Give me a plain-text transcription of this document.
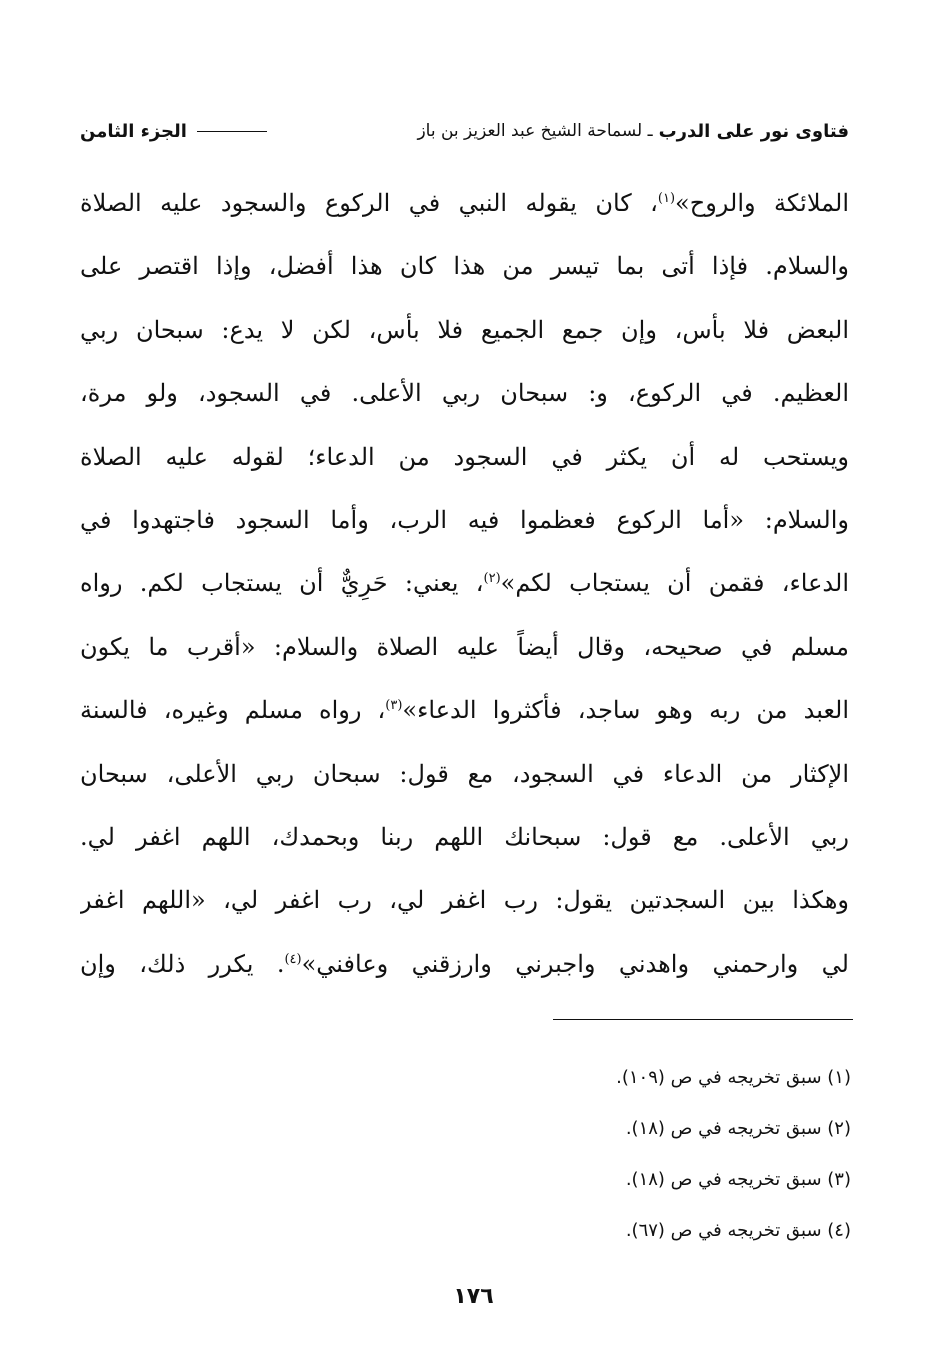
فتاوى نور على الدرب
ـ لسماحة الشيخ عبد العزيز بن باز
الجزء الثامن
الملائكة والروح»$^{(١)}$، كان يقوله النبي في الركوع والسجود عليه الصلاة
والسلام. فإذا أتى بما تيسر من هذا كان هذا أفضل، وإذا اقتصر على
البعض فلا بأس، وإن جمع الجميع فلا بأس، لكن لا يدع: سبحان ربي
العظيم. في الركوع، و: سبحان ربي الأعلى. في السجود، ولو مرة،
ويستحب له أن يكثر في السجود من الدعاء؛ لقوله عليه الصلاة
والسلام: «أما الركوع فعظموا فيه الرب، وأما السجود فاجتهدوا في
الدعاء، فقمن أن يستجاب لكم»$^{(٢)}$، يعني: حَرِيٌّ أن يستجاب لكم. رواه
مسلم في صحيحه، وقال أيضاً عليه الصلاة والسلام: «أقرب ما يكون
العبد من ربه وهو ساجد، فأكثروا الدعاء»$^{(٣)}$، رواه مسلم وغيره، فالسنة
الإكثار من الدعاء في السجود، مع قول: سبحان ربي الأعلى، سبحان
ربي الأعلى. مع قول: سبحانك اللهم ربنا وبحمدك، اللهم اغفر لي.
وهكذا بين السجدتين يقول: رب اغفر لي، رب اغفر لي، «اللهم اغفر
لي وارحمني واهدني واجبرني وارزقني وعافني»$^{(٤)}$. يكرر ذلك، وإن
(١) سبق تخريجه في ص (١٠٩).
(٢) سبق تخريجه في ص (١٨).
(٣) سبق تخريجه في ص (١٨).
(٤) سبق تخريجه في ص (٦٧).
١٧٦
